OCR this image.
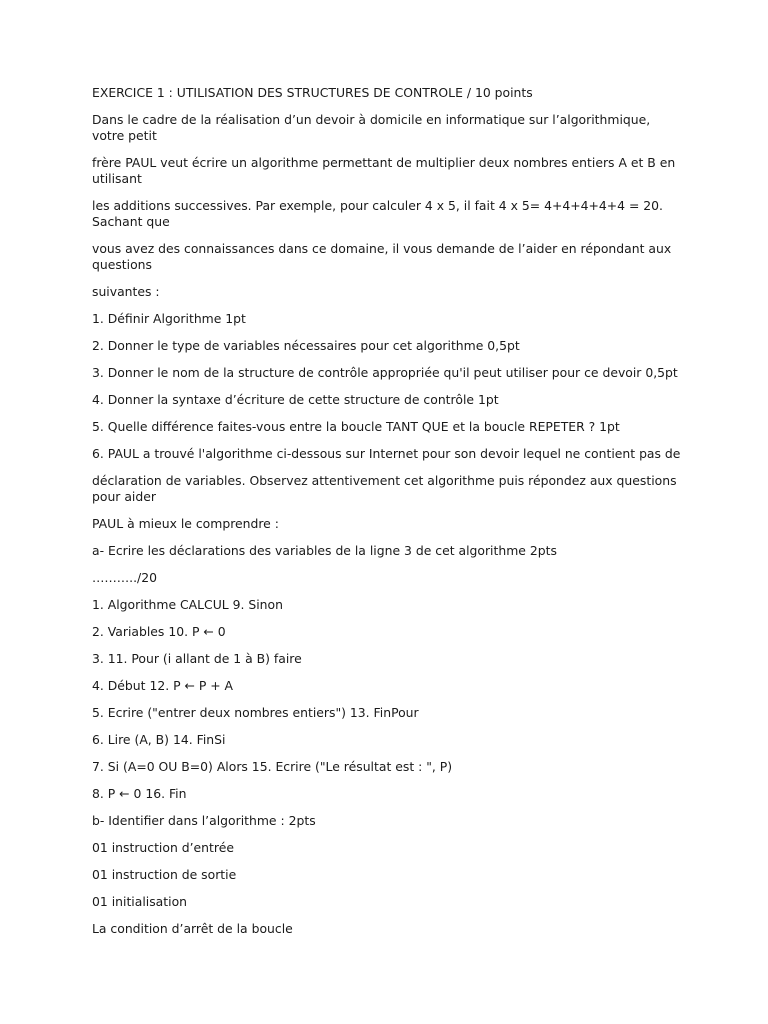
EXERCICE 1 : UTILISATION DES STRUCTURES DE CONTROLE / 10 points

Dans le cadre de la réalisation d’un devoir à domicile en informatique sur l’algorithmique, votre petit

frère PAUL veut écrire un algorithme permettant de multiplier deux nombres entiers A et B en utilisant

les additions successives. Par exemple, pour calculer 4 x 5, il fait 4 x 5= 4+4+4+4+4 = 20. Sachant que

vous avez des connaissances dans ce domaine, il vous demande de l’aider en répondant aux questions

suivantes :

1. Définir Algorithme 1pt

2. Donner le type de variables nécessaires pour cet algorithme 0,5pt

3. Donner le nom de la structure de contrôle appropriée qu'il peut utiliser pour ce devoir 0,5pt

4. Donner la syntaxe d’écriture de cette structure de contrôle 1pt

5. Quelle différence faites-vous entre la boucle TANT QUE et la boucle REPETER ? 1pt

6. PAUL a trouvé l'algorithme ci-dessous sur Internet pour son devoir lequel ne contient pas de

déclaration de variables. Observez attentivement cet algorithme puis répondez aux questions pour aider

PAUL à mieux le comprendre :

a- Ecrire les déclarations des variables de la ligne 3 de cet algorithme 2pts

………../20

1. Algorithme CALCUL 9. Sinon

2. Variables 10. P ← 0

3. 11. Pour (i allant de 1 à B) faire

4. Début 12. P ← P + A

5. Ecrire ("entrer deux nombres entiers") 13. FinPour

6. Lire (A, B) 14. FinSi

7. Si (A=0 OU B=0) Alors 15. Ecrire ("Le résultat est : ", P)

8. P ← 0 16. Fin

b- Identifier dans l’algorithme : 2pts

01 instruction d’entrée

01 instruction de sortie

01 initialisation

La condition d’arrêt de la boucle
